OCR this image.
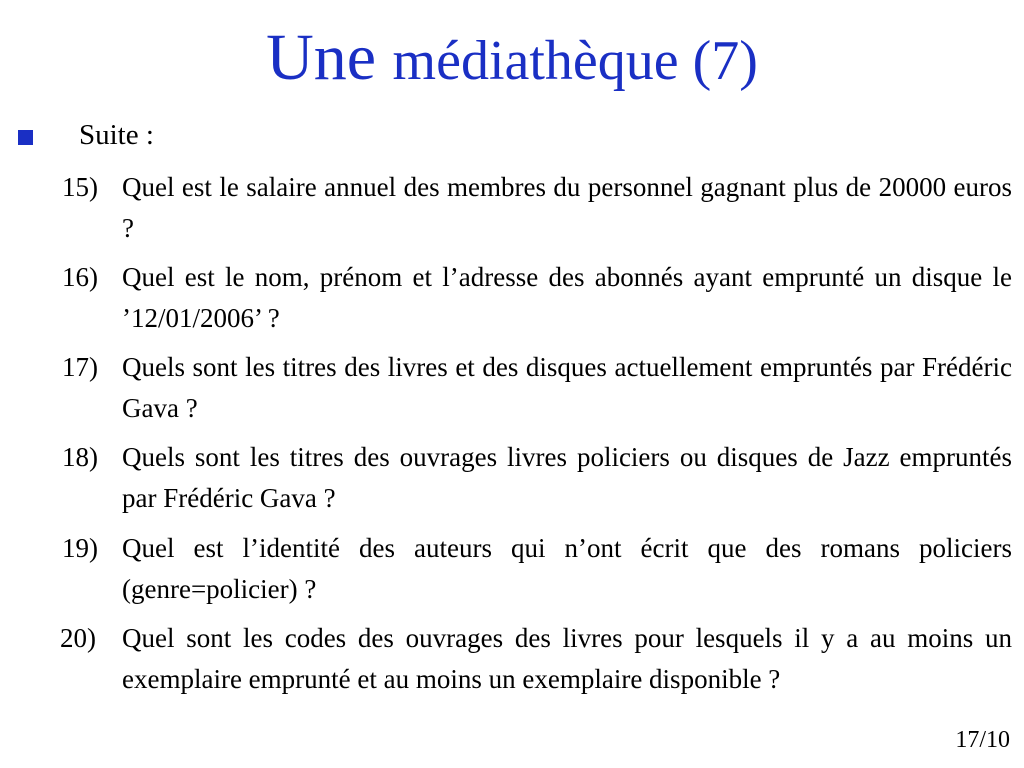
Une médiathèque (7)
Suite :
15) Quel est le salaire annuel des membres du personnel gagnant plus de 20000 euros ?
16) Quel est le nom, prénom et l’adresse des abonnés ayant emprunté un disque le ’12/01/2006’ ?
17) Quels sont les titres des livres et des disques actuellement empruntés par Frédéric Gava ?
18) Quels sont les titres des ouvrages livres policiers ou disques de Jazz empruntés par Frédéric Gava ?
19) Quel est l’identité des auteurs qui n’ont écrit que des romans policiers (genre=policier) ?
20) Quel sont les codes des ouvrages des livres pour lesquels il y a au moins un exemplaire emprunté et au moins un exemplaire disponible ?
17/10
